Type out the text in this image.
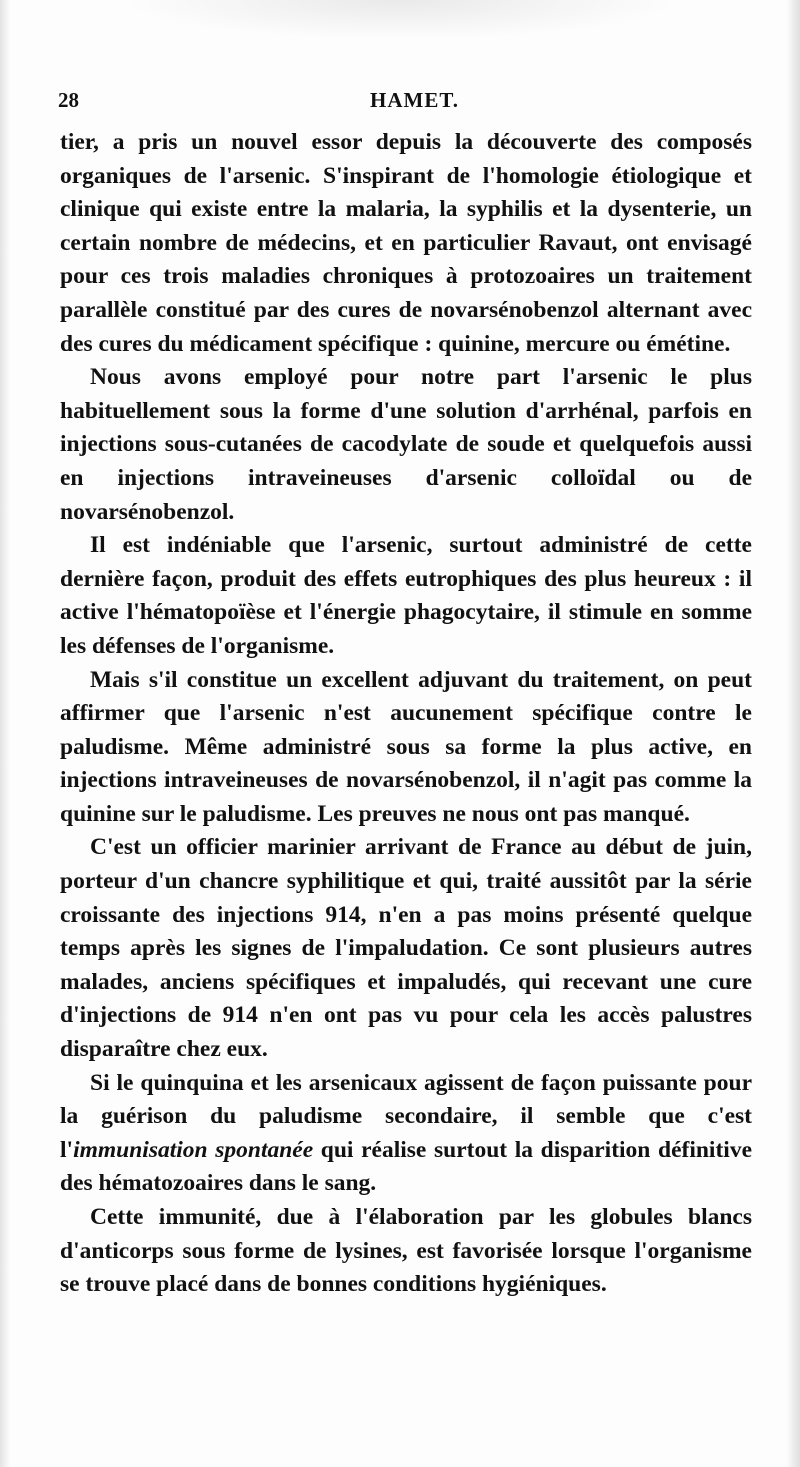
28	HAMET.

tier, a pris un nouvel essor depuis la découverte des composés organiques de l'arsenic. S'inspirant de l'homologie étiologique et clinique qui existe entre la malaria, la syphilis et la dysenterie, un certain nombre de médecins, et en particulier Ravaut, ont envisagé pour ces trois maladies chroniques à protozoaires un traitement parallèle constitué par des cures de novarsénobenzol alternant avec des cures du médicament spécifique : quinine, mercure ou émétine.

Nous avons employé pour notre part l'arsenic le plus habituellement sous la forme d'une solution d'arrhénal, parfois en injections sous-cutanées de cacodylate de soude et quelquefois aussi en injections intraveineuses d'arsenic colloïdal ou de novarsénobenzol.

Il est indéniable que l'arsenic, surtout administré de cette dernière façon, produit des effets eutrophiques des plus heureux : il active l'hématopoïèse et l'énergie phagocytaire, il stimule en somme les défenses de l'organisme.

Mais s'il constitue un excellent adjuvant du traitement, on peut affirmer que l'arsenic n'est aucunement spécifique contre le paludisme. Même administré sous sa forme la plus active, en injections intraveineuses de novarsénobenzol, il n'agit pas comme la quinine sur le paludisme. Les preuves ne nous ont pas manqué.

C'est un officier marinier arrivant de France au début de juin, porteur d'un chancre syphilitique et qui, traité aussitôt par la série croissante des injections 914, n'en a pas moins présenté quelque temps après les signes de l'impaludation. Ce sont plusieurs autres malades, anciens spécifiques et impaludés, qui recevant une cure d'injections de 914 n'en ont pas vu pour cela les accès palustres disparaître chez eux.

Si le quinquina et les arsenicaux agissent de façon puissante pour la guérison du paludisme secondaire, il semble que c'est l'immunisation spontanée qui réalise surtout la disparition définitive des hématozoaires dans le sang.

Cette immunité, due à l'élaboration par les globules blancs d'anticorps sous forme de lysines, est favorisée lorsque l'organisme se trouve placé dans de bonnes conditions hygiéniques.
